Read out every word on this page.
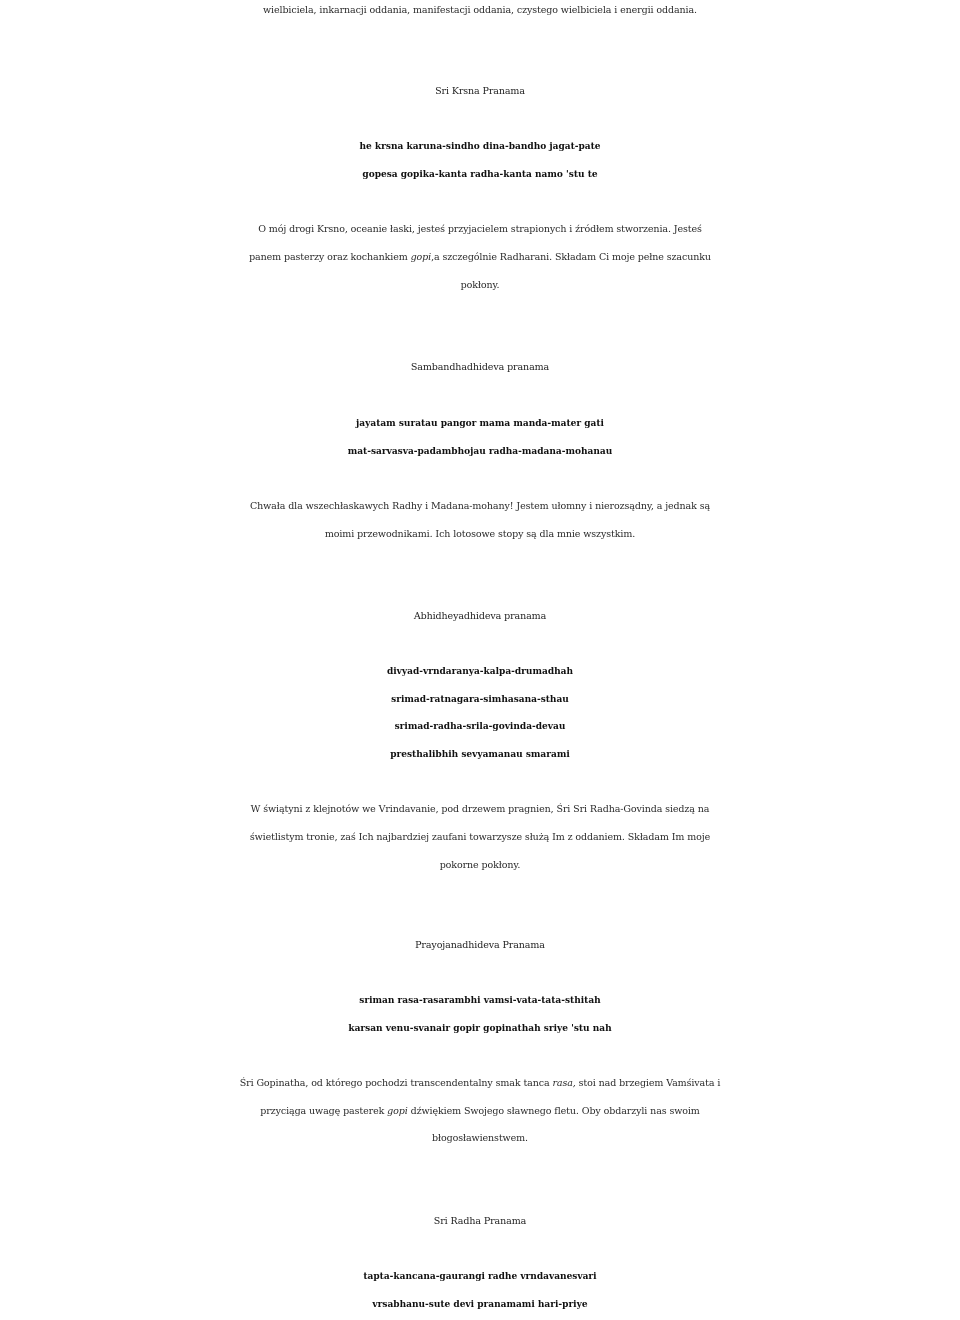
wielbiciela, inkarnacji oddania, manifestacji oddania, czystego wielbiciela i energii oddania.
Sri Krsna Pranama
he krsna karuna-sindho dina-bandho jagat-pate
gopesa gopika-kanta radha-kanta namo 'stu te
O mój drogi Krsno, oceanie łaski, jesteś przyjacielem strapionych i źródłem stworzenia. Jesteś
panem pasterzy oraz kochankiem gopi,a szczególnie Radharani. Składam Ci moje pełne szacunku
pokłony.
Sambandhadhideva pranama
jayatam suratau pangor mama manda-mater gati
mat-sarvasva-padambhojau radha-madana-mohanau
Chwała dla wszechłaskawych Radhy i Madana-mohany! Jestem ułomny i nierozsądny, a jednak są
moimi przewodnikami. Ich lotosowe stopy są dla mnie wszystkim.
Abhidheyadhideva pranama
divyad-vrndaranya-kalpa-drumadhah
srimad-ratnagara-simhasana-sthau
srimad-radha-srila-govinda-devau
presthalibhih sevyamanau smarami
W świątyni z klejnotów we Vrindavanie, pod drzewem pragnien, Śri Sri Radha-Govinda siedzą na
świetlistym tronie, zaś Ich najbardziej zaufani towarzysze służą Im z oddaniem. Składam Im moje
pokorne pokłony.
Prayojanadhideva Pranama
sriman rasa-rasarambhi vamsi-vata-tata-sthitah
karsan venu-svanair gopir gopinathah sriye 'stu nah
Śri Gopinatha, od którego pochodzi transcendentalny smak tanca rasa, stoi nad brzegiem Vamśivata i
przyciąga uwagę pasterek gopi dźwiękiem Swojego sławnego fletu. Oby obdarzyli nas swoim
błogosławienstwem.
Sri Radha Pranama
tapta-kancana-gaurangi radhe vrndavanesvari
vrsabhanu-sute devi pranamami hari-priye
